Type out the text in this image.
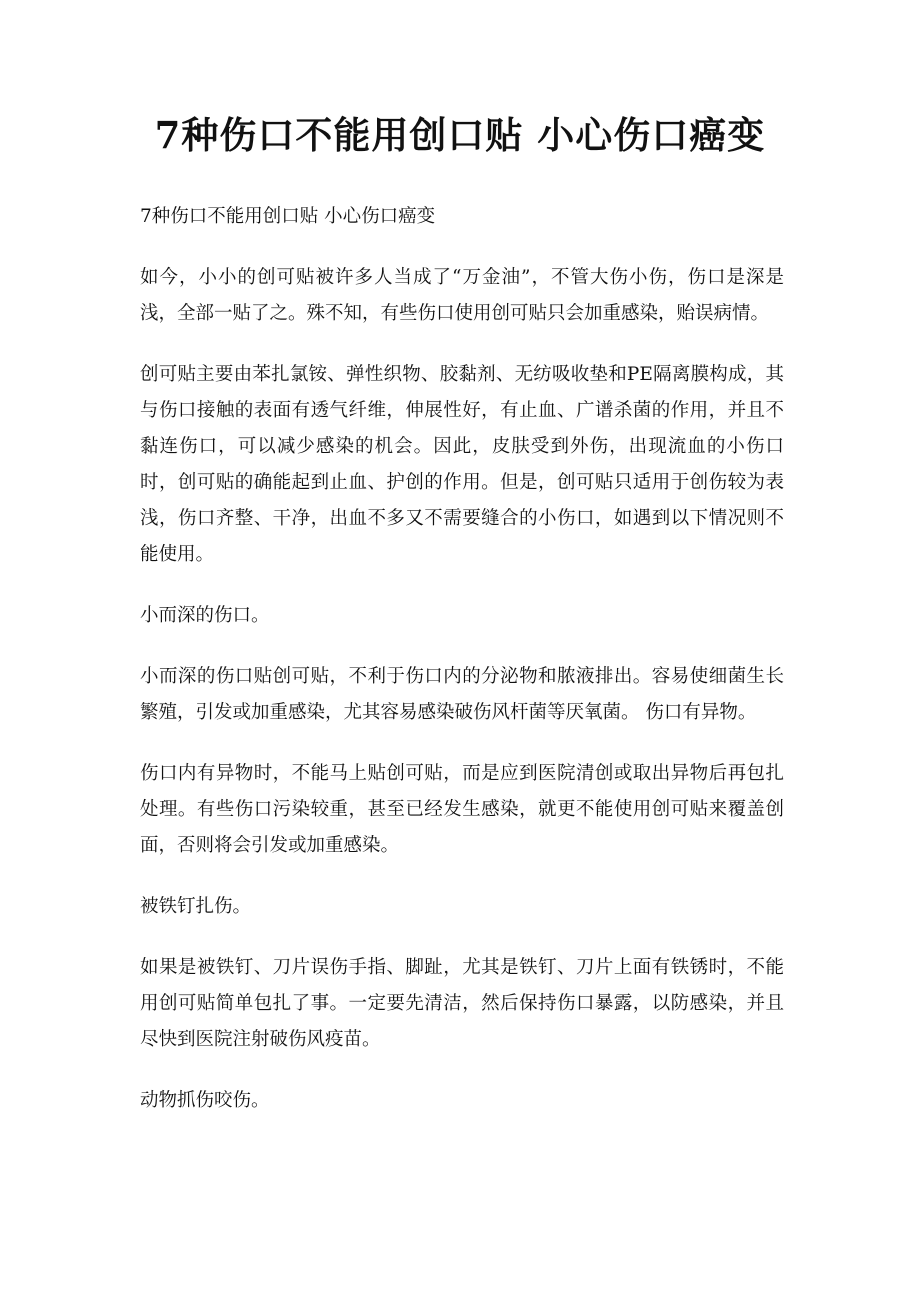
7种伤口不能用创口贴 小心伤口癌变

7种伤口不能用创口贴 小心伤口癌变

如今，小小的创可贴被许多人当成了“万金油”，不管大伤小伤，伤口是深是浅，全部一贴了之。殊不知，有些伤口使用创可贴只会加重感染，贻误病情。

创可贴主要由苯扎氯铵、弹性织物、胶黏剂、无纺吸收垫和PE隔离膜构成，其与伤口接触的表面有透气纤维，伸展性好，有止血、广谱杀菌的作用，并且不黏连伤口，可以减少感染的机会。因此，皮肤受到外伤，出现流血的小伤口时，创可贴的确能起到止血、护创的作用。但是，创可贴只适用于创伤较为表浅，伤口齐整、干净，出血不多又不需要缝合的小伤口，如遇到以下情况则不能使用。

小而深的伤口。

小而深的伤口贴创可贴，不利于伤口内的分泌物和脓液排出。容易使细菌生长繁殖，引发或加重感染，尤其容易感染破伤风杆菌等厌氧菌。 伤口有异物。

伤口内有异物时，不能马上贴创可贴，而是应到医院清创或取出异物后再包扎处理。有些伤口污染较重，甚至已经发生感染，就更不能使用创可贴来覆盖创面，否则将会引发或加重感染。

被铁钉扎伤。

如果是被铁钉、刀片误伤手指、脚趾，尤其是铁钉、刀片上面有铁锈时，不能用创可贴简单包扎了事。一定要先清洁，然后保持伤口暴露，以防感染，并且尽快到医院注射破伤风疫苗。

动物抓伤咬伤。
